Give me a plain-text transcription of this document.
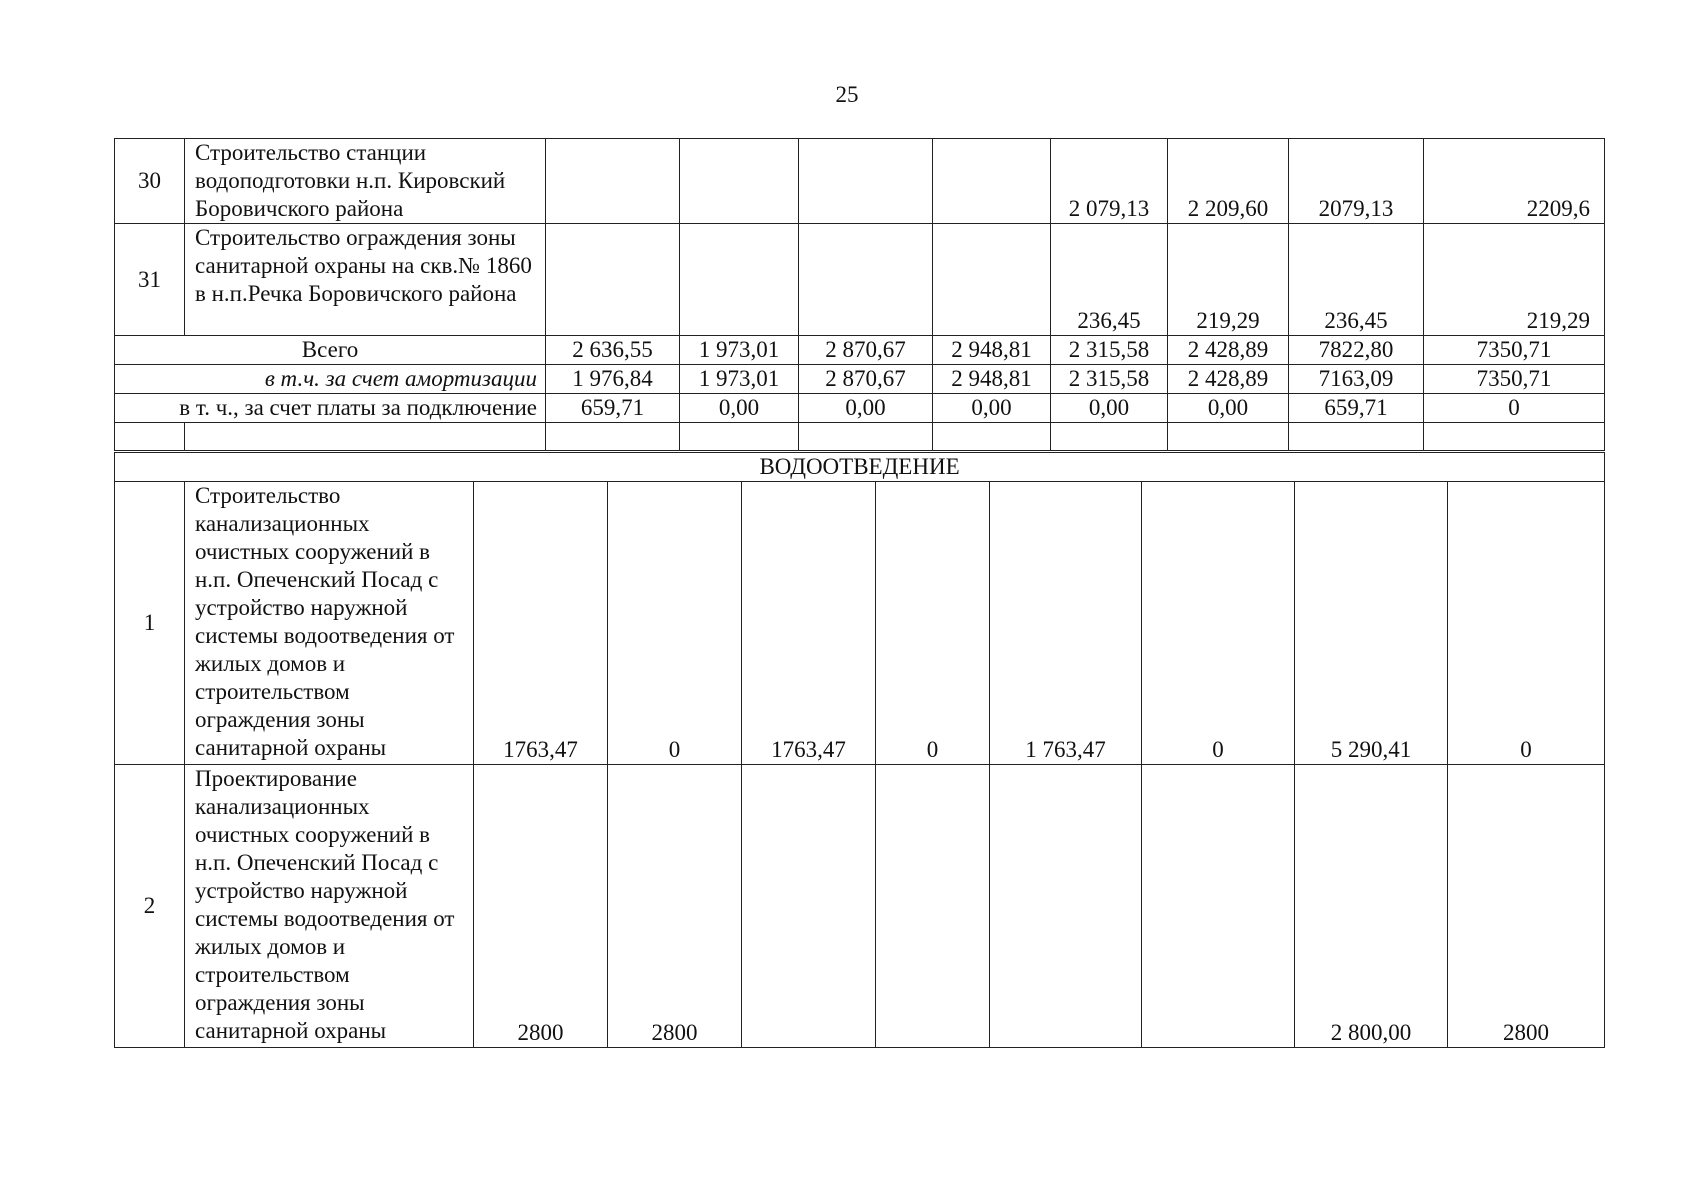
25
30	Строительство станции водоподготовки н.п. Кировский Боровичского района					2 079,13	2 209,60	2079,13	2209,6
31	Строительство ограждения зоны санитарной охраны на скв.№ 1860 в н.п.Речка Боровичского района					236,45	219,29	236,45	219,29
Всего		2 636,55	1 973,01	2 870,67	2 948,81	2 315,58	2 428,89	7822,80	7350,71
в т.ч. за счет амортизации		1 976,84	1 973,01	2 870,67	2 948,81	2 315,58	2 428,89	7163,09	7350,71
в т. ч., за счет платы за подключение		659,71	0,00	0,00	0,00	0,00	0,00	659,71	0

ВОДООТВЕДЕНИЕ									
1	Строительство канализационных очистных сооружений в н.п. Опеченский Посад с устройство наружной системы водоотведения от жилых домов и строительством ограждения зоны санитарной охраны	1763,47	0	1763,47	0	1 763,47	0	5 290,41	0
2	Проектирование канализационных очистных сооружений в н.п. Опеченский Посад с устройство наружной системы водоотведения от жилых домов и строительством ограждения зоны санитарной охраны	2800	2800					2 800,00	2800
